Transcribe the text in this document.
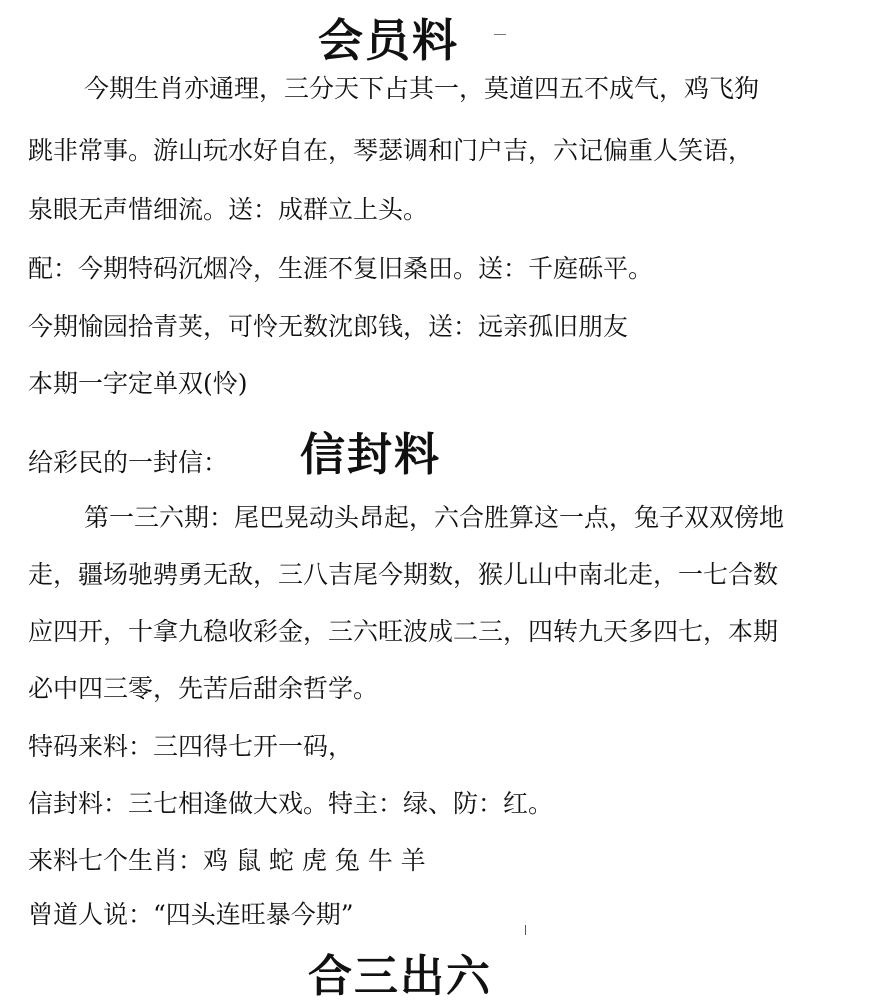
会员料
今期生肖亦通理，三分天下占其一，莫道四五不成气，鸡飞狗
跳非常事。游山玩水好自在，琴瑟调和门户吉，六记偏重人笑语，
泉眼无声惜细流。送：成群立上头。
配：今期特码沉烟冷，生涯不复旧桑田。送：千庭砾平。
今期愉园拾青荚，可怜无数沈郎钱，送：远亲孤旧朋友
本期一字定单双(怜)
给彩民的一封信： 信封料
第一三六期：尾巴晃动头昂起，六合胜算这一点，兔子双双傍地
走，疆场驰骋勇无敌，三八吉尾今期数，猴儿山中南北走，一七合数
应四开，十拿九稳收彩金，三六旺波成二三，四转九天多四七，本期
必中四三零，先苦后甜余哲学。
特码来料：三四得七开一码，
信封料：三七相逢做大戏。特主：绿、防：红。
来料七个生肖：鸡 鼠 蛇 虎 兔 牛 羊
曾道人说：“四头连旺暴今期”
合三出六
